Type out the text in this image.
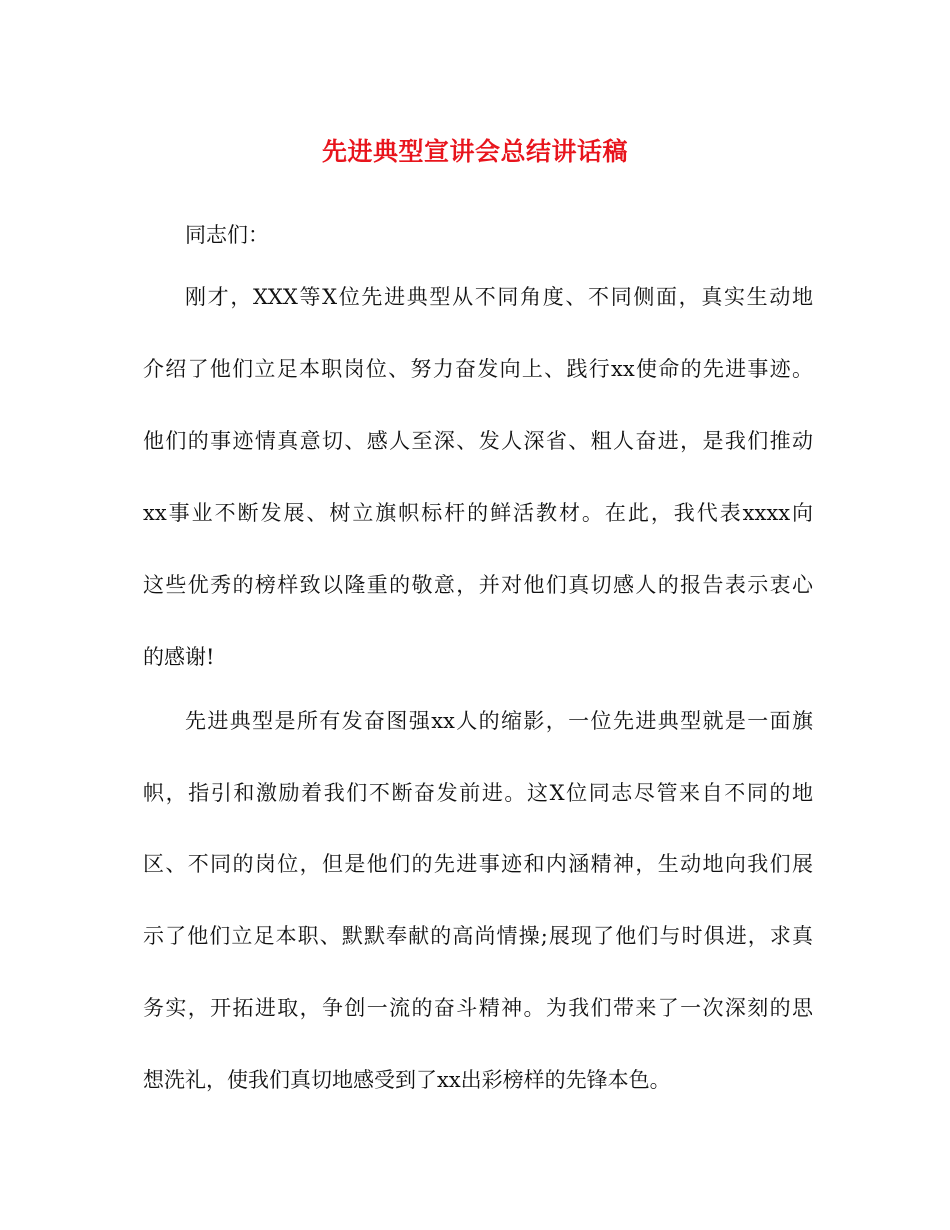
先进典型宣讲会总结讲话稿
同志们：
刚才，XXX等X位先进典型从不同角度、不同侧面，真实生动地
介绍了他们立足本职岗位、努力奋发向上、践行xx使命的先进事迹。
他们的事迹情真意切、感人至深、发人深省、粗人奋进，是我们推动
xx事业不断发展、树立旗帜标杆的鲜活教材。在此，我代表xxxx向
这些优秀的榜样致以隆重的敬意，并对他们真切感人的报告表示衷心
的感谢!
先进典型是所有发奋图强xx人的缩影，一位先进典型就是一面旗
帜，指引和激励着我们不断奋发前进。这X位同志尽管来自不同的地
区、不同的岗位，但是他们的先进事迹和内涵精神，生动地向我们展
示了他们立足本职、默默奉献的高尚情操;展现了他们与时俱进，求真
务实，开拓进取，争创一流的奋斗精神。为我们带来了一次深刻的思
想洗礼，使我们真切地感受到了xx出彩榜样的先锋本色。
